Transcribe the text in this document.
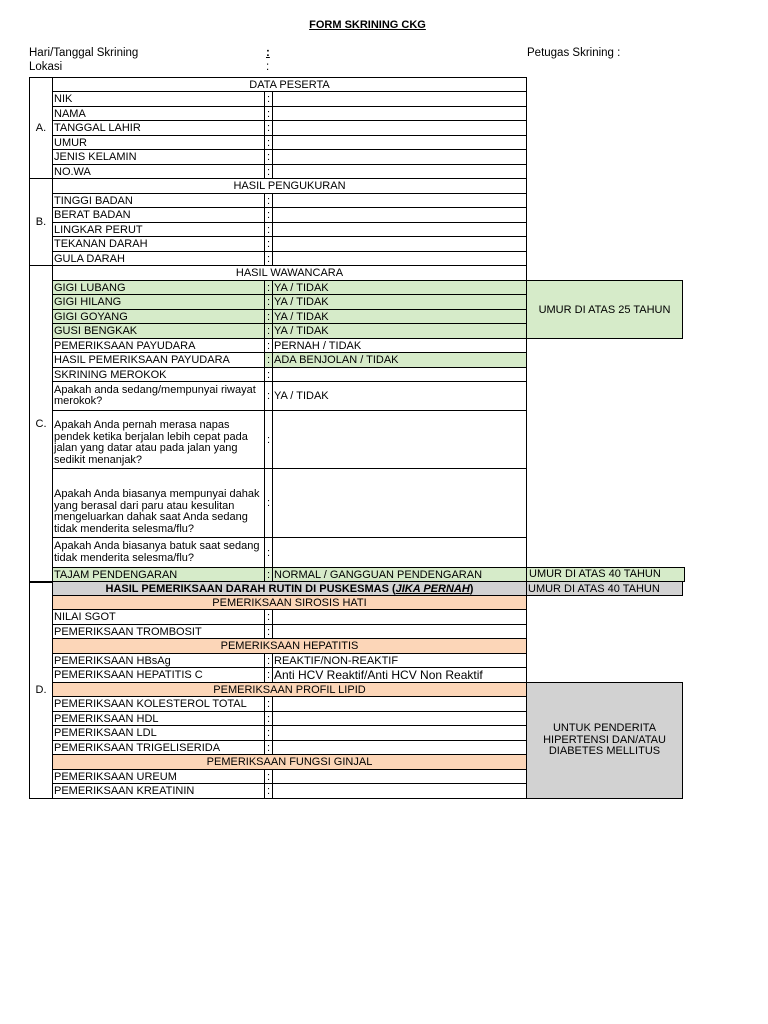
FORM SKRINING CKG
Hari/Tanggal Skrining	:
Lokasi	:
Petugas Skrining :
A.	DATA PESERTA			
	NIK	:		
	NAMA	:		
	TANGGAL LAHIR	:		
	UMUR	:		
	JENIS KELAMIN	:		
	NO.WA	:		
B.	HASIL PENGUKURAN			
	TINGGI BADAN	:		
	BERAT BADAN	:		
	LINGKAR PERUT	:		
	TEKANAN DARAH	:		
	GULA DARAH	:		
C.	HASIL WAWANCARA			
	GIGI LUBANG	:	YA / TIDAK	UMUR DI ATAS 25 TAHUN
	GIGI HILANG	:	YA / TIDAK	
	GIGI GOYANG	:	YA / TIDAK	
	GUSI BENGKAK	:	YA / TIDAK	
	PEMERIKSAAN PAYUDARA	:	PERNAH / TIDAK	
	HASIL PEMERIKSAAN PAYUDARA	:	ADA BENJOLAN / TIDAK	
	SKRINING MEROKOK	:		
	Apakah anda sedang/mempunyai riwayat merokok?	:	YA / TIDAK	
	Apakah Anda pernah merasa napas pendek ketika berjalan lebih cepat pada jalan yang datar atau pada jalan yang sedikit menanjak?	:		
	Apakah Anda biasanya mempunyai dahak yang berasal dari paru atau kesulitan mengeluarkan dahak saat Anda sedang tidak menderita selesma/flu?	:		
	Apakah Anda biasanya batuk saat sedang tidak menderita selesma/flu?	:		
	TAJAM PENDENGARAN	:	NORMAL / GANGGUAN PENDENGARAN		UMUR DI ATAS 40 TAHUN
D.	HASIL PEMERIKSAAN DARAH RUTIN DI PUSKESMAS (JIKA PERNAH)			UMUR DI ATAS 40 TAHUN
	PEMERIKSAAN SIROSIS HATI			
	NILAI SGOT	:		
	PEMERIKSAAN TROMBOSIT	:		
	PEMERIKSAAN HEPATITIS			
	PEMERIKSAAN HBsAg	:	REAKTIF/NON-REAKTIF	
	PEMERIKSAAN HEPATITIS C	:	Anti HCV Reaktif/Anti HCV Non Reaktif	
	PEMERIKSAAN PROFIL LIPID			UNTUK PENDERITA HIPERTENSI DAN/ATAU DIABETES MELLITUS
	PEMERIKSAAN KOLESTEROL TOTAL	:		
	PEMERIKSAAN HDL	:		
	PEMERIKSAAN LDL	:		
	PEMERIKSAAN TRIGELISERIDA	:		
	PEMERIKSAAN FUNGSI GINJAL			
	PEMERIKSAAN UREUM	:		
	PEMERIKSAAN KREATININ	:		
